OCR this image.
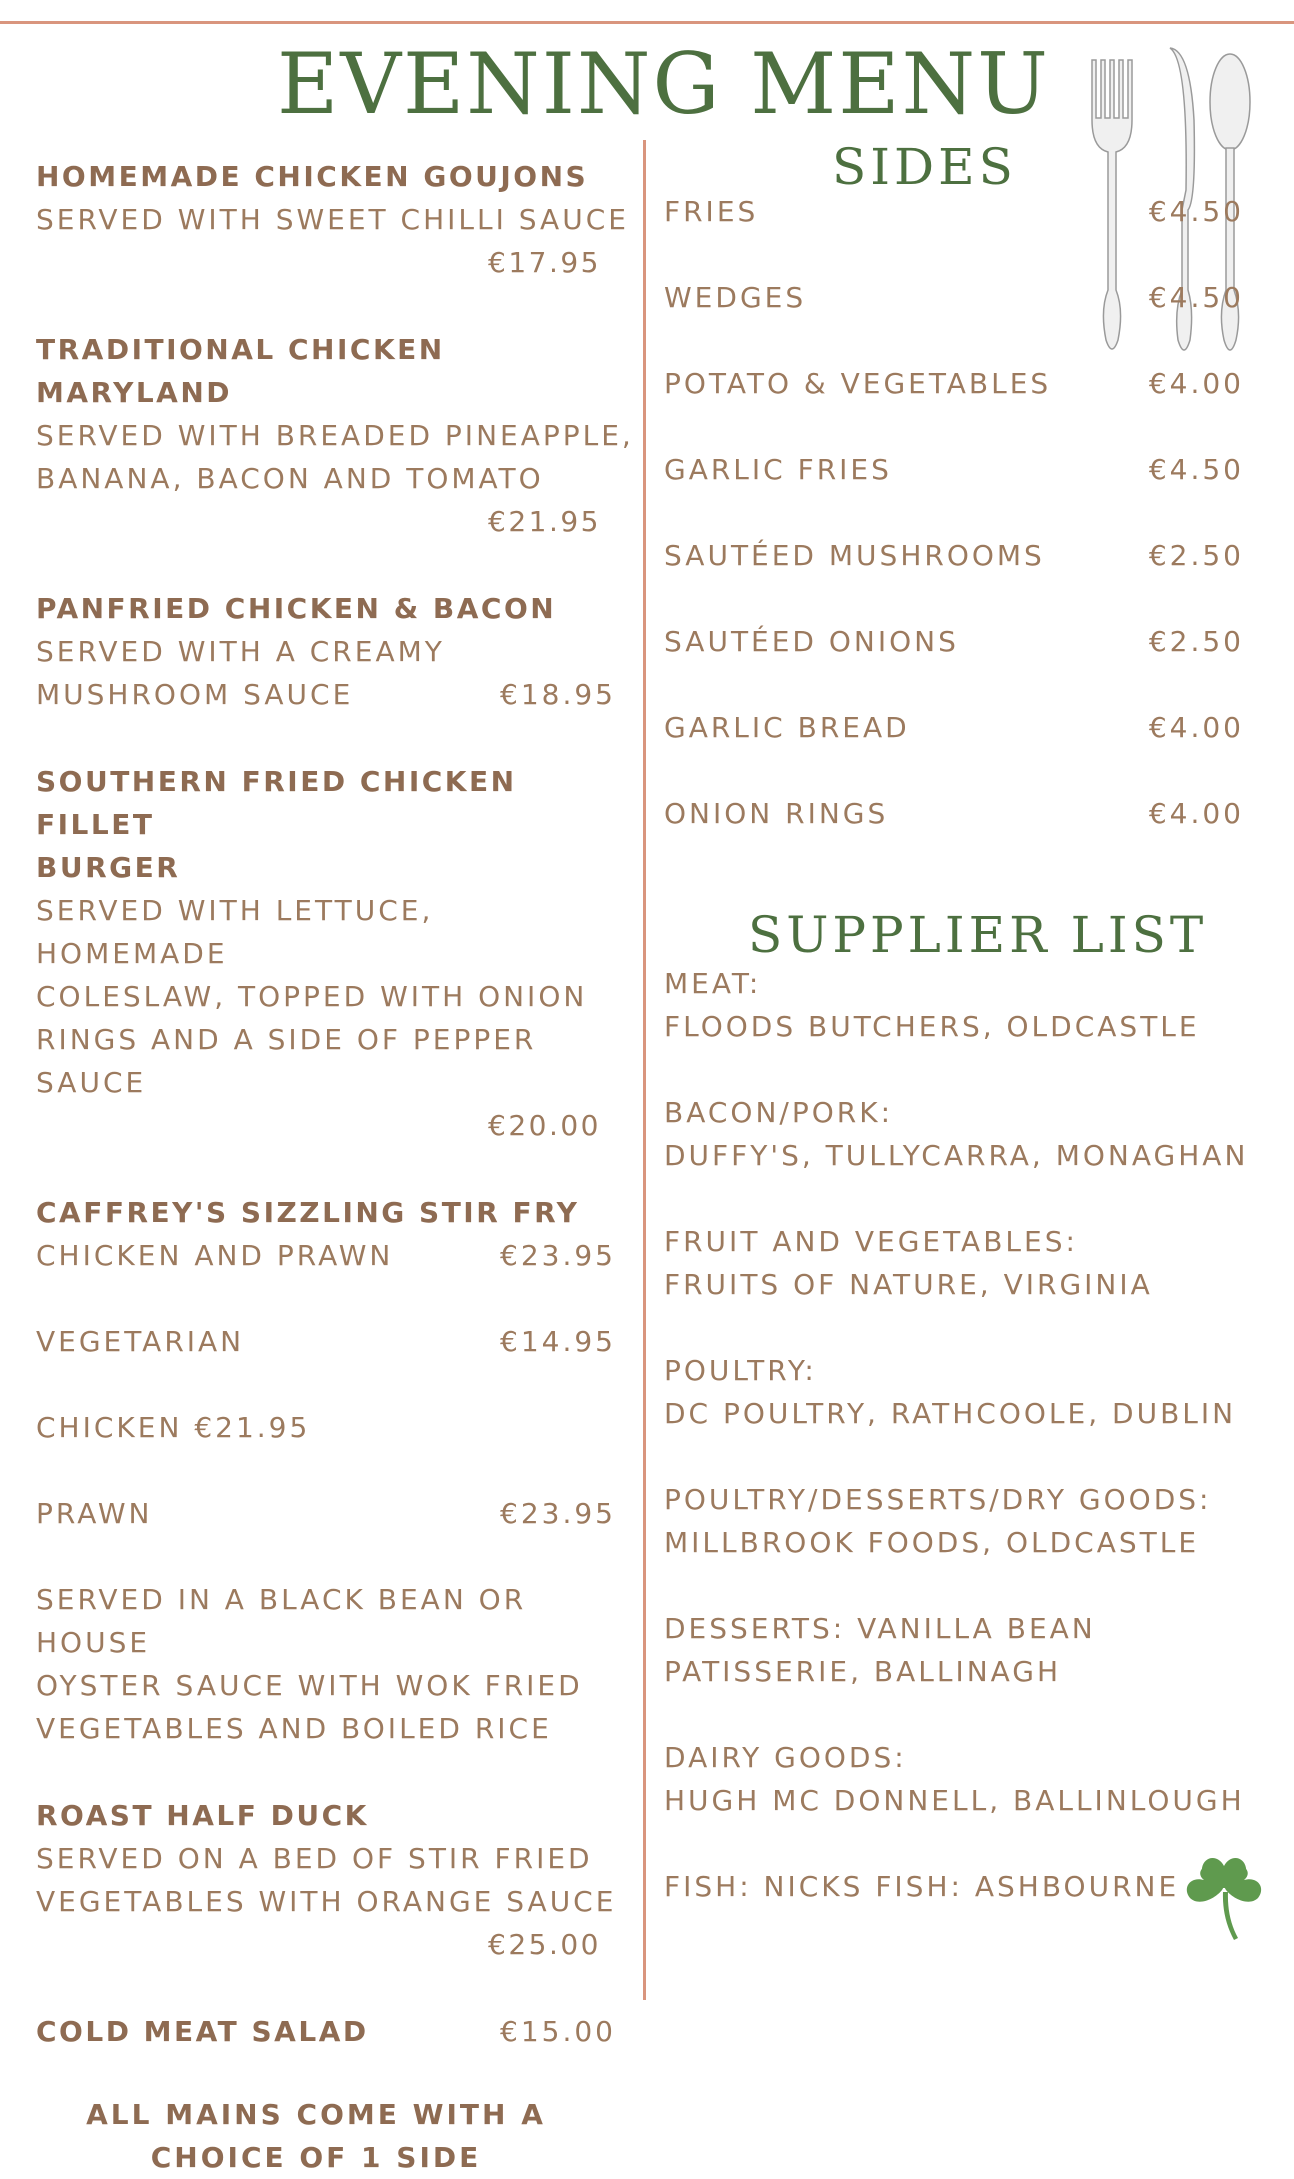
EVENING MENU

HOMEMADE CHICKEN GOUJONS

SERVED WITH SWEET CHILLI SAUCE

€17.95

TRADITIONAL CHICKEN MARYLAND

SERVED WITH BREADED PINEAPPLE,

BANANA, BACON AND TOMATO

€21.95

PANFRIED CHICKEN & BACON

SERVED WITH A CREAMY

MUSHROOM SAUCE	€18.95

SOUTHERN FRIED CHICKEN FILLET

BURGER

SERVED WITH LETTUCE, HOMEMADE

COLESLAW, TOPPED WITH ONION

RINGS AND A SIDE OF PEPPER SAUCE

€20.00

CAFFREY'S SIZZLING STIR FRY

CHICKEN AND PRAWN	€23.95
VEGETARIAN	€14.95
CHICKEN €21.95
PRAWN	€23.95

SERVED IN A BLACK BEAN OR HOUSE

OYSTER SAUCE WITH WOK FRIED

VEGETABLES AND BOILED RICE

ROAST HALF DUCK

SERVED ON A BED OF STIR FRIED

VEGETABLES WITH ORANGE SAUCE

€25.00
COLD MEAT SALAD	€15.00
ALL MAINS COME WITH A
CHOICE OF 1 SIDE
SIDES
FRIES	€4.50
WEDGES	€4.50
POTATO & VEGETABLES	€4.00
GARLIC FRIES	€4.50
SAUTÉED MUSHROOMS	€2.50
SAUTÉED ONIONS	€2.50
GARLIC BREAD	€4.00
ONION RINGS	€4.00
SUPPLIER LIST
MEAT:
FLOODS BUTCHERS, OLDCASTLE
BACON/PORK:
DUFFY'S, TULLYCARRA, MONAGHAN
FRUIT AND VEGETABLES:
FRUITS OF NATURE, VIRGINIA
POULTRY:
DC POULTRY, RATHCOOLE, DUBLIN
POULTRY/DESSERTS/DRY GOODS:
MILLBROOK FOODS, OLDCASTLE
DESSERTS: VANILLA BEAN
PATISSERIE, BALLINAGH
DAIRY GOODS:
HUGH MC DONNELL, BALLINLOUGH
FISH: NICKS FISH: ASHBOURNE
